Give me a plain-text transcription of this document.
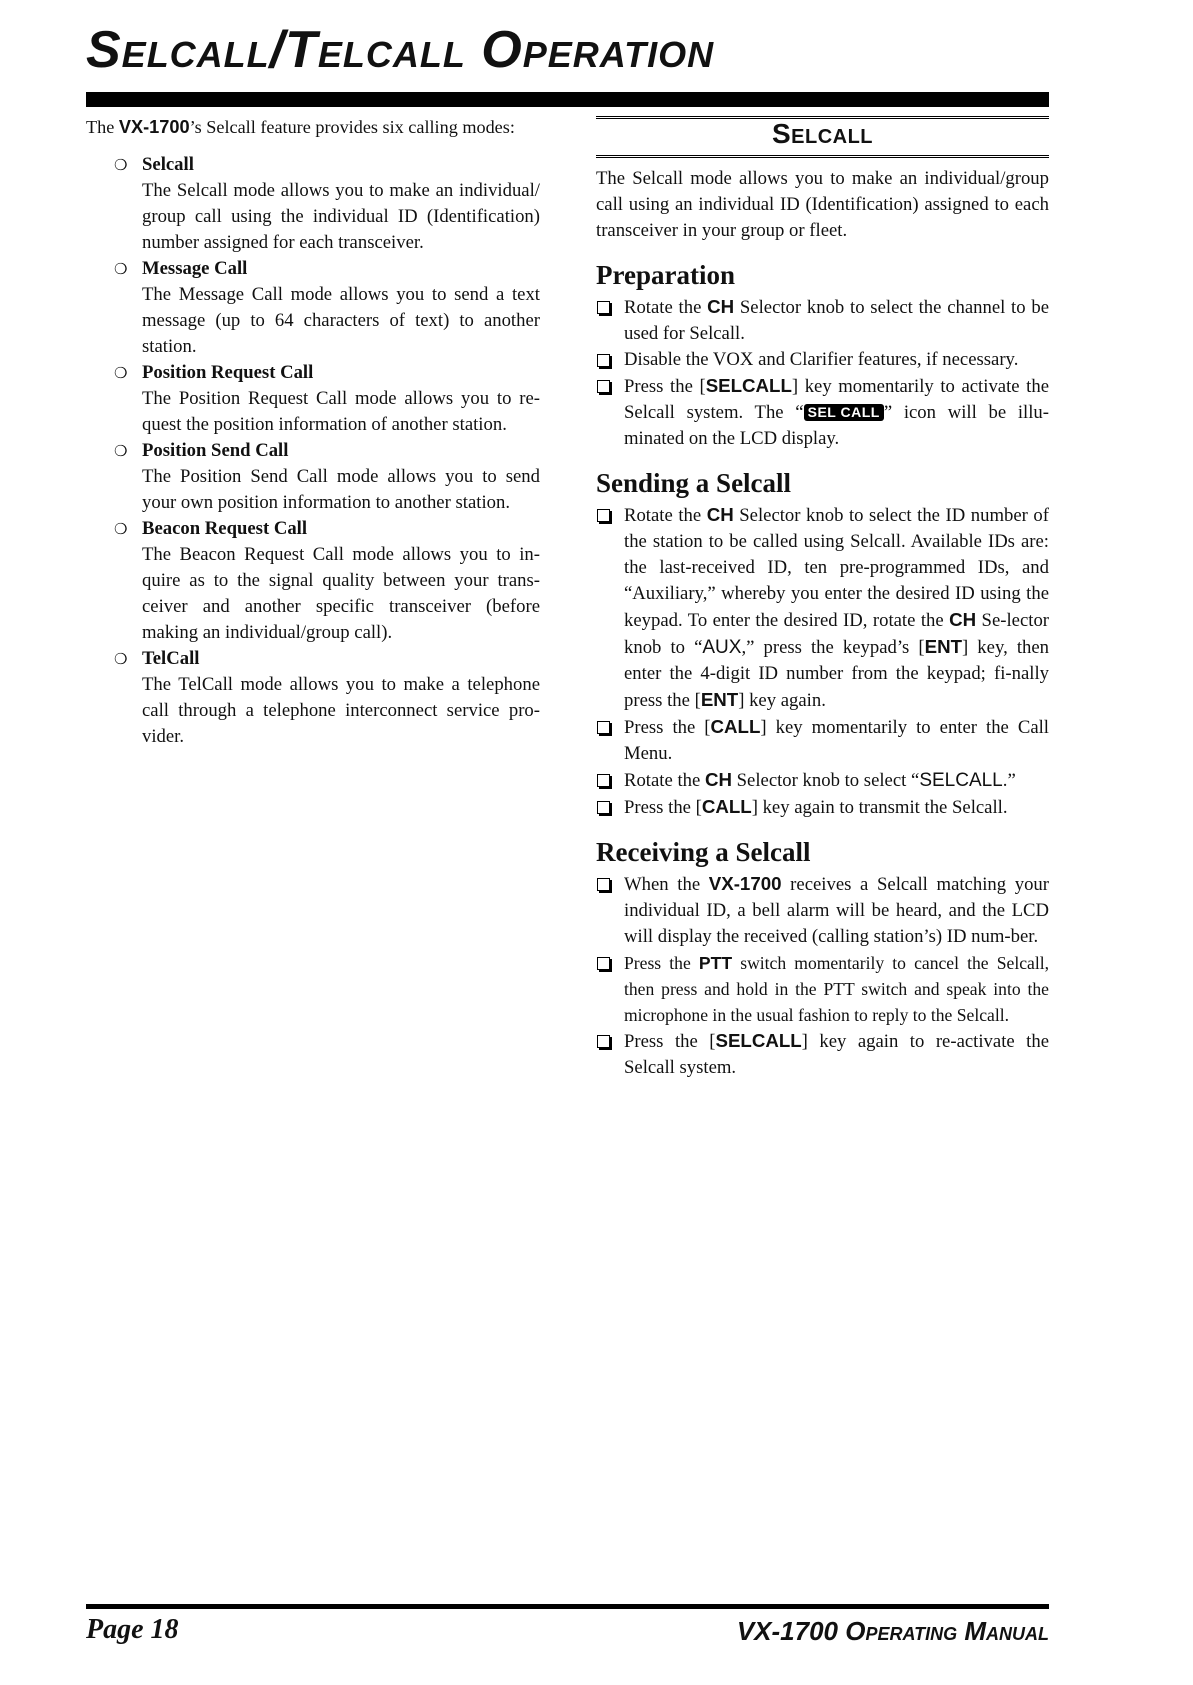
Selcall/Telcall Operation

The VX-1700’s Selcall feature provides six calling modes:

❍ Selcall
The Selcall mode allows you to make an individual/ group call using the individual ID (Identification) number assigned for each transceiver.
❍ Message Call
The Message Call mode allows you to send a text message (up to 64 characters of text) to another station.
❍ Position Request Call
The Position Request Call mode allows you to re-quest the position information of another station.
❍ Position Send Call
The Position Send Call mode allows you to send your own position information to another station.
❍ Beacon Request Call
The Beacon Request Call mode allows you to in-quire as to the signal quality between your trans-ceiver and another specific transceiver (before making an individual/group call).
❍ TelCall
The TelCall mode allows you to make a telephone call through a telephone interconnect service pro-vider.
Selcall

The Selcall mode allows you to make an individual/group call using an individual ID (Identification) assigned to each transceiver in your group or fleet.

Preparation
Rotate the CH Selector knob to select the channel to be used for Selcall.
Disable the VOX and Clarifier features, if necessary.
Press the [SELCALL] key momentarily to activate the Selcall system. The “ SEL CALL ” icon will be illu-minated on the LCD display.
Sending a Selcall
Rotate the CH Selector knob to select the ID number of the station to be called using Selcall. Available IDs are: the last-received ID, ten pre-programmed IDs, and “Auxiliary,” whereby you enter the desired ID using the keypad. To enter the desired ID, rotate the CH Se-lector knob to “AUX,” press the keypad’s [ENT] key, then enter the 4-digit ID number from the keypad; fi-nally press the [ENT] key again.
Press the [CALL] key momentarily to enter the Call Menu.
Rotate the CH Selector knob to select “SELCALL.”
Press the [CALL] key again to transmit the Selcall.
Receiving a Selcall
When the VX-1700 receives a Selcall matching your individual ID, a bell alarm will be heard, and the LCD will display the received (calling station’s) ID num-ber.
Press the PTT switch momentarily to cancel the Selcall, then press and hold in the PTT switch and speak into the microphone in the usual fashion to reply to the Selcall.
Press the [SELCALL] key again to re-activate the Selcall system.
Page 18	VX-1700 Operating Manual
